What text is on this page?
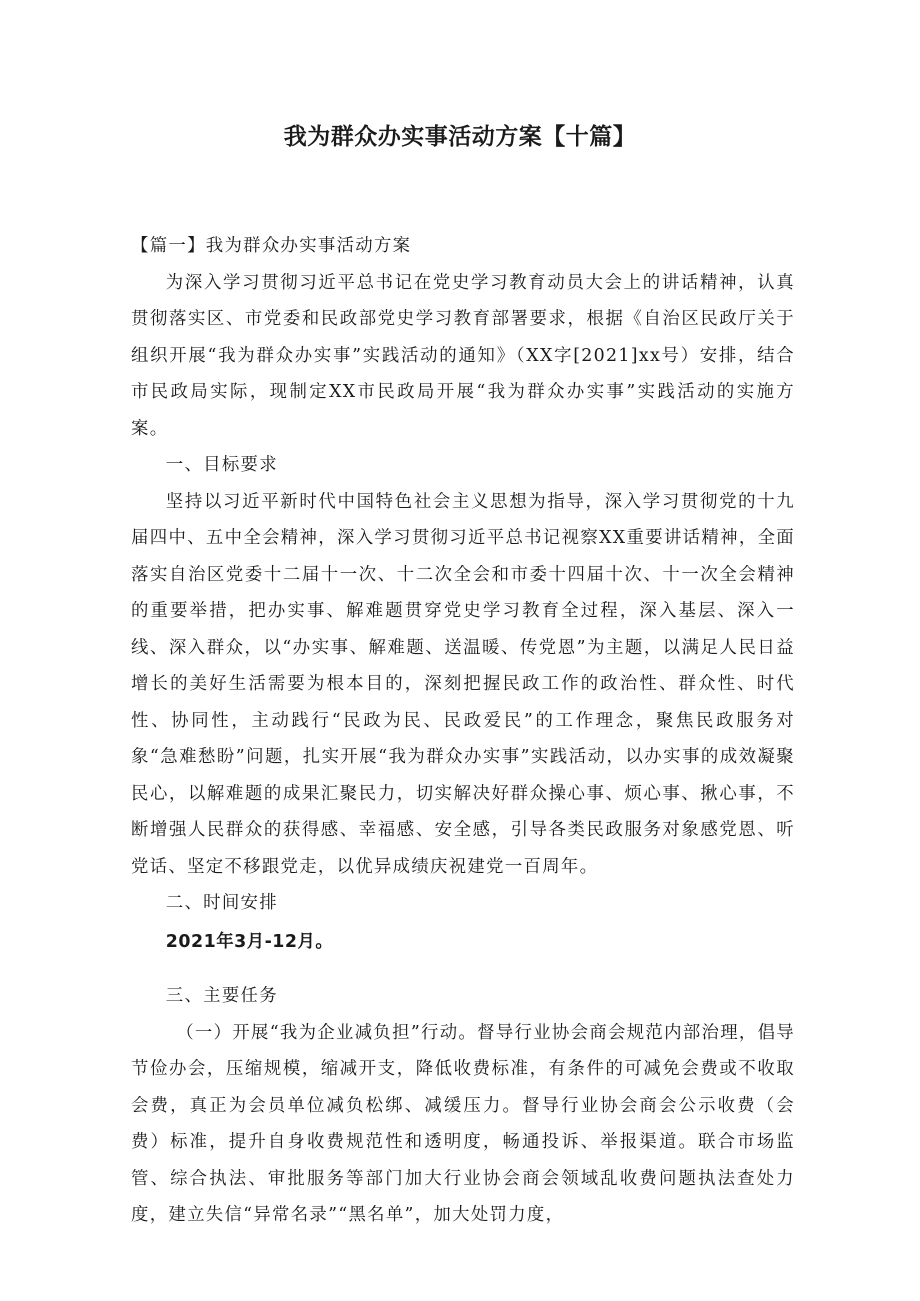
我为群众办实事活动方案【十篇】

【篇一】我为群众办实事活动方案

为深入学习贯彻习近平总书记在党史学习教育动员大会上的讲话精神，认真贯彻落实区、市党委和民政部党史学习教育部署要求，根据《自治区民政厅关于组织开展“我为群众办实事”实践活动的通知》（XX字[2021]xx号）安排，结合市民政局实际，现制定XX市民政局开展“我为群众办实事”实践活动的实施方案。

一、目标要求

坚持以习近平新时代中国特色社会主义思想为指导，深入学习贯彻党的十九届四中、五中全会精神，深入学习贯彻习近平总书记视察XX重要讲话精神，全面落实自治区党委十二届十一次、十二次全会和市委十四届十次、十一次全会精神的重要举措，把办实事、解难题贯穿党史学习教育全过程，深入基层、深入一线、深入群众，以“办实事、解难题、送温暖、传党恩”为主题，以满足人民日益增长的美好生活需要为根本目的，深刻把握民政工作的政治性、群众性、时代性、协同性，主动践行“民政为民、民政爱民”的工作理念，聚焦民政服务对象“急难愁盼”问题，扎实开展“我为群众办实事”实践活动，以办实事的成效凝聚民心，以解难题的成果汇聚民力，切实解决好群众操心事、烦心事、揪心事，不断增强人民群众的获得感、幸福感、安全感，引导各类民政服务对象感党恩、听党话、坚定不移跟党走，以优异成绩庆祝建党一百周年。

二、时间安排

2021年3月-12月。

三、主要任务

（一）开展“我为企业减负担”行动。督导行业协会商会规范内部治理，倡导节俭办会，压缩规模，缩减开支，降低收费标准，有条件的可减免会费或不收取会费，真正为会员单位减负松绑、减缓压力。督导行业协会商会公示收费（会费）标准，提升自身收费规范性和透明度，畅通投诉、举报渠道。联合市场监管、综合执法、审批服务等部门加大行业协会商会领域乱收费问题执法查处力度，建立失信“异常名录”“黑名单”，加大处罚力度，
